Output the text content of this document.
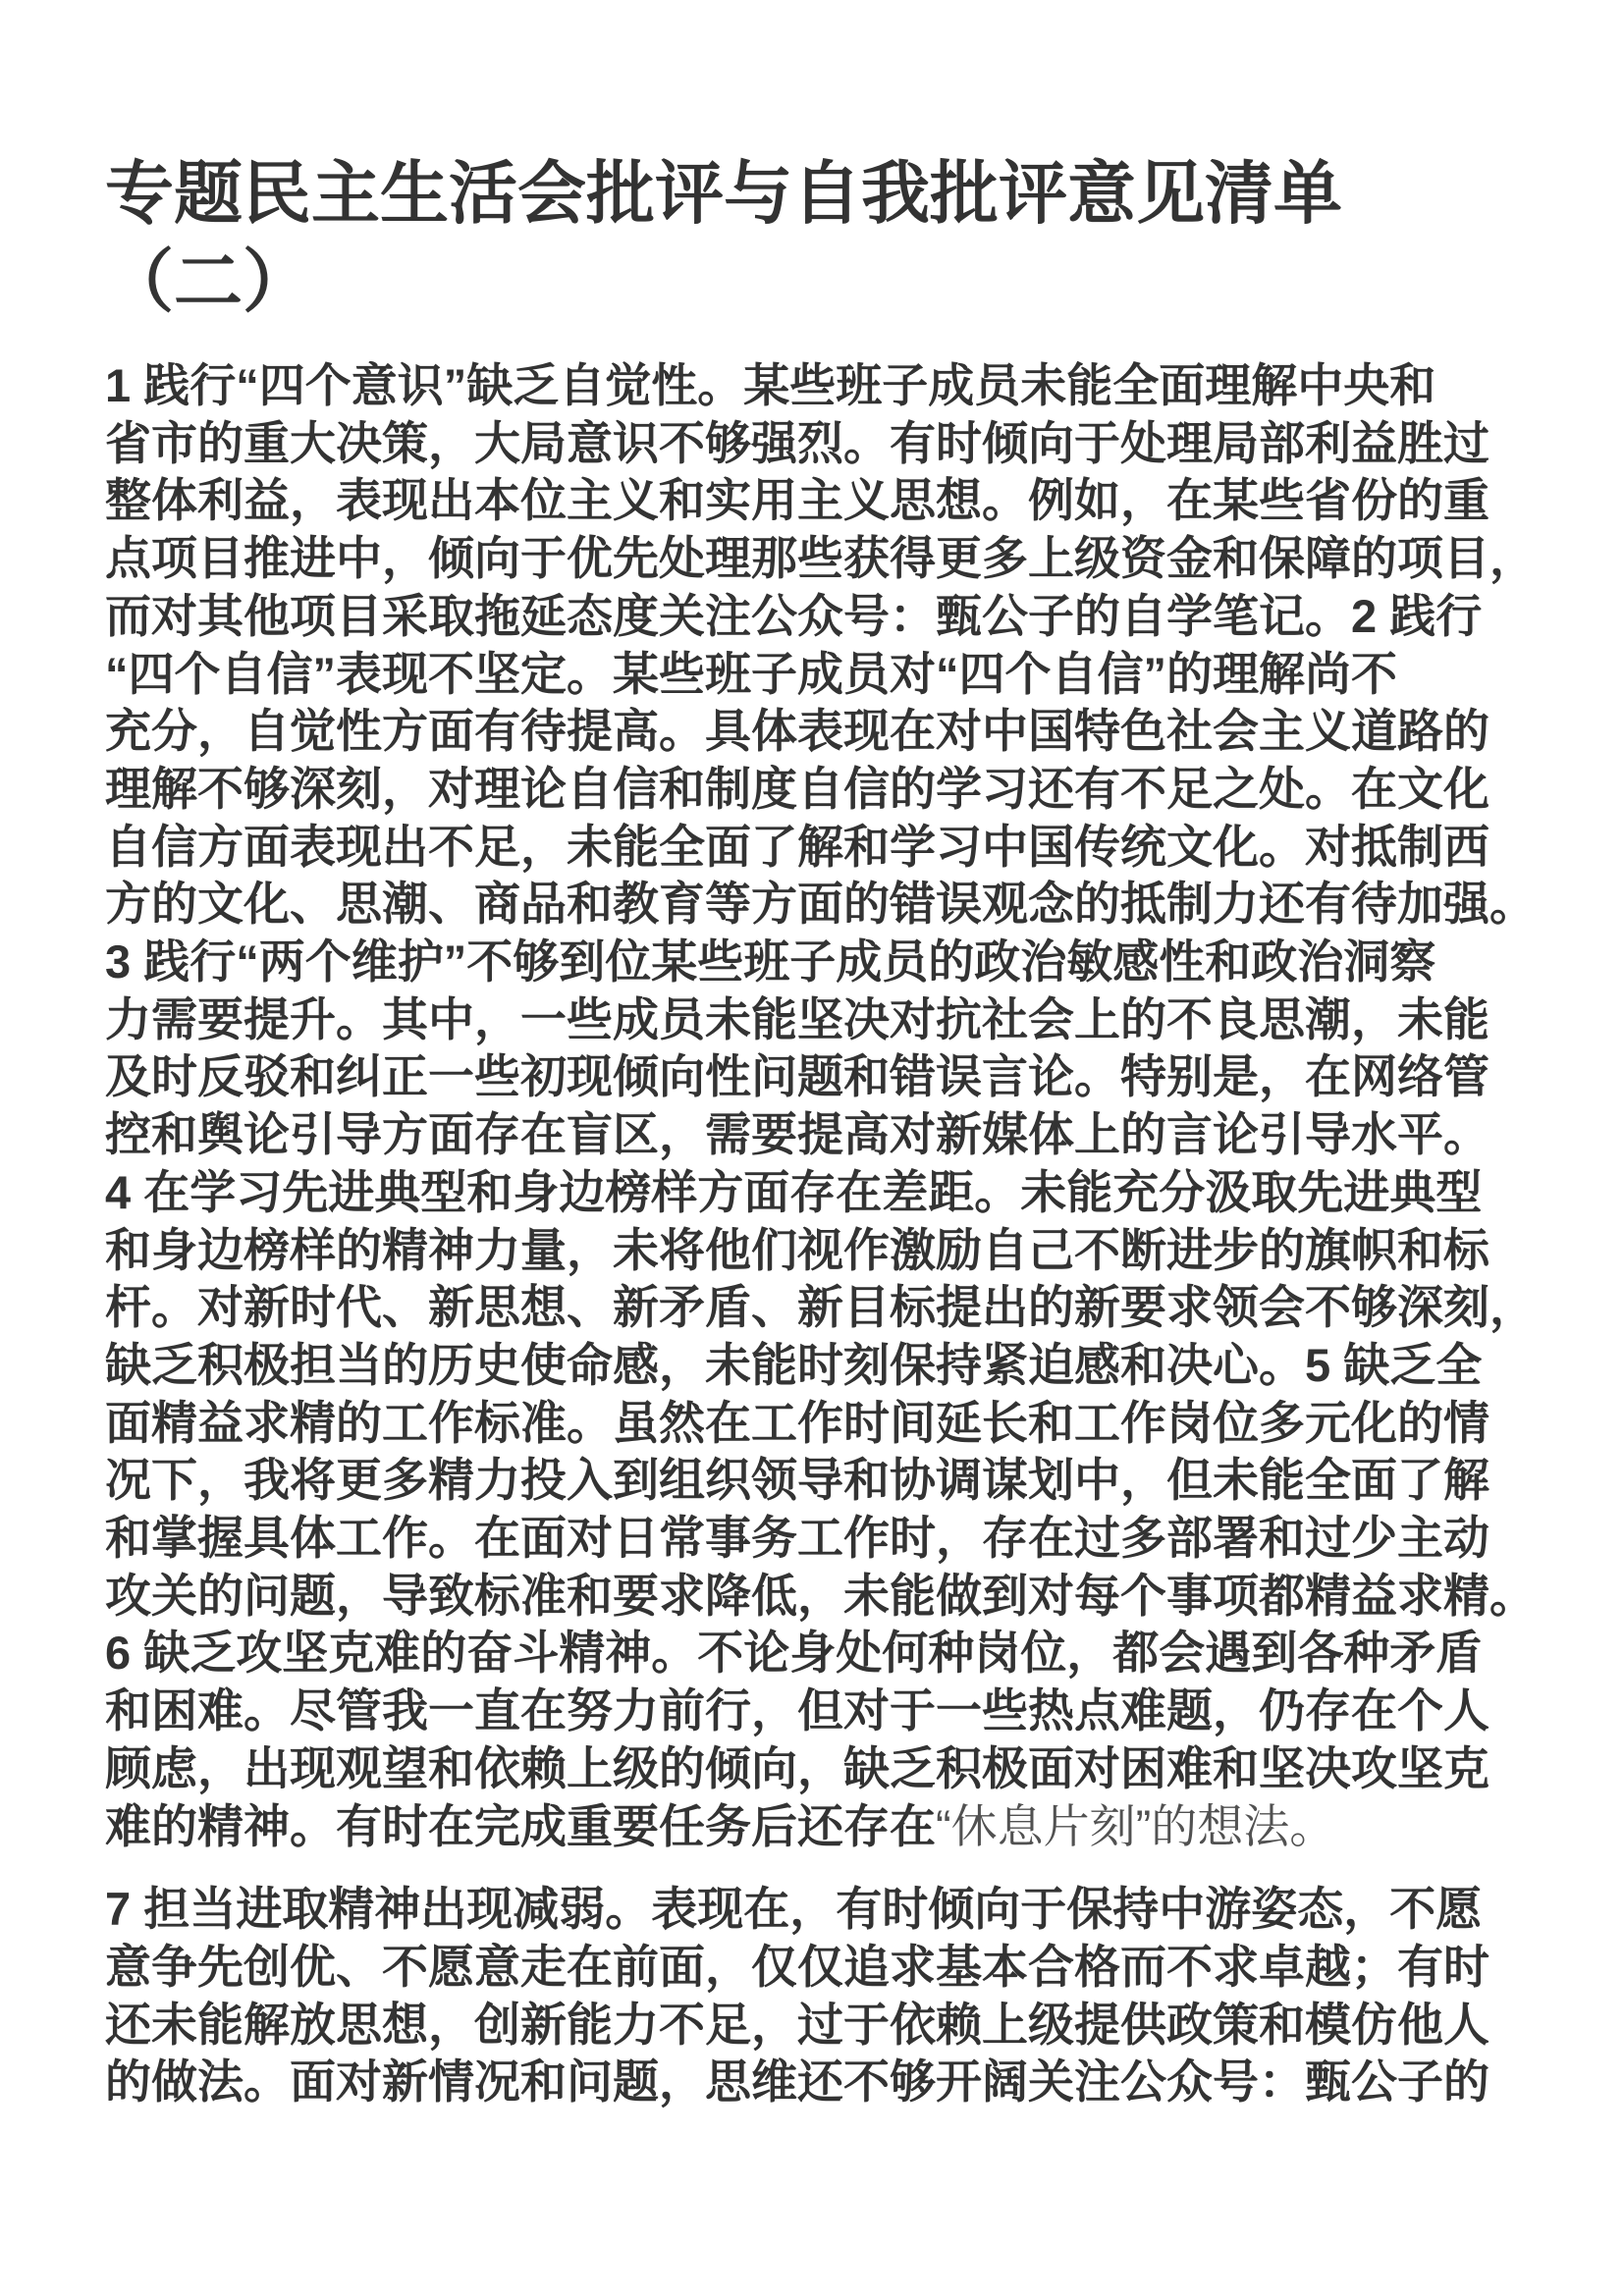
专题民主生活会批评与自我批评意见清单
（二）
1 践行“四个意识”缺乏自觉性。某些班子成员未能全面理解中央和
省市的重大决策，大局意识不够强烈。有时倾向于处理局部利益胜过
整体利益，表现出本位主义和实用主义思想。例如，在某些省份的重
点项目推进中，倾向于优先处理那些获得更多上级资金和保障的项目，
而对其他项目采取拖延态度关注公众号：甄公子的自学笔记。2 践行
“四个自信”表现不坚定。某些班子成员对“四个自信”的理解尚不
充分，自觉性方面有待提高。具体表现在对中国特色社会主义道路的
理解不够深刻，对理论自信和制度自信的学习还有不足之处。在文化
自信方面表现出不足，未能全面了解和学习中国传统文化。对抵制西
方的文化、思潮、商品和教育等方面的错误观念的抵制力还有待加强。
3 践行“两个维护”不够到位某些班子成员的政治敏感性和政治洞察
力需要提升。其中，一些成员未能坚决对抗社会上的不良思潮，未能
及时反驳和纠正一些初现倾向性问题和错误言论。特别是，在网络管
控和舆论引导方面存在盲区，需要提高对新媒体上的言论引导水平。
4 在学习先进典型和身边榜样方面存在差距。未能充分汲取先进典型
和身边榜样的精神力量，未将他们视作激励自己不断进步的旗帜和标
杆。对新时代、新思想、新矛盾、新目标提出的新要求领会不够深刻，
缺乏积极担当的历史使命感，未能时刻保持紧迫感和决心。5 缺乏全
面精益求精的工作标准。虽然在工作时间延长和工作岗位多元化的情
况下，我将更多精力投入到组织领导和协调谋划中，但未能全面了解
和掌握具体工作。在面对日常事务工作时，存在过多部署和过少主动
攻关的问题，导致标准和要求降低，未能做到对每个事项都精益求精。
6 缺乏攻坚克难的奋斗精神。不论身处何种岗位，都会遇到各种矛盾
和困难。尽管我一直在努力前行，但对于一些热点难题，仍存在个人
顾虑，出现观望和依赖上级的倾向，缺乏积极面对困难和坚决攻坚克
难的精神。有时在完成重要任务后还存在“休息片刻”的想法。
7 担当进取精神出现减弱。表现在，有时倾向于保持中游姿态，不愿
意争先创优、不愿意走在前面，仅仅追求基本合格而不求卓越；有时
还未能解放思想，创新能力不足，过于依赖上级提供政策和模仿他人
的做法。面对新情况和问题，思维还不够开阔关注公众号：甄公子的
